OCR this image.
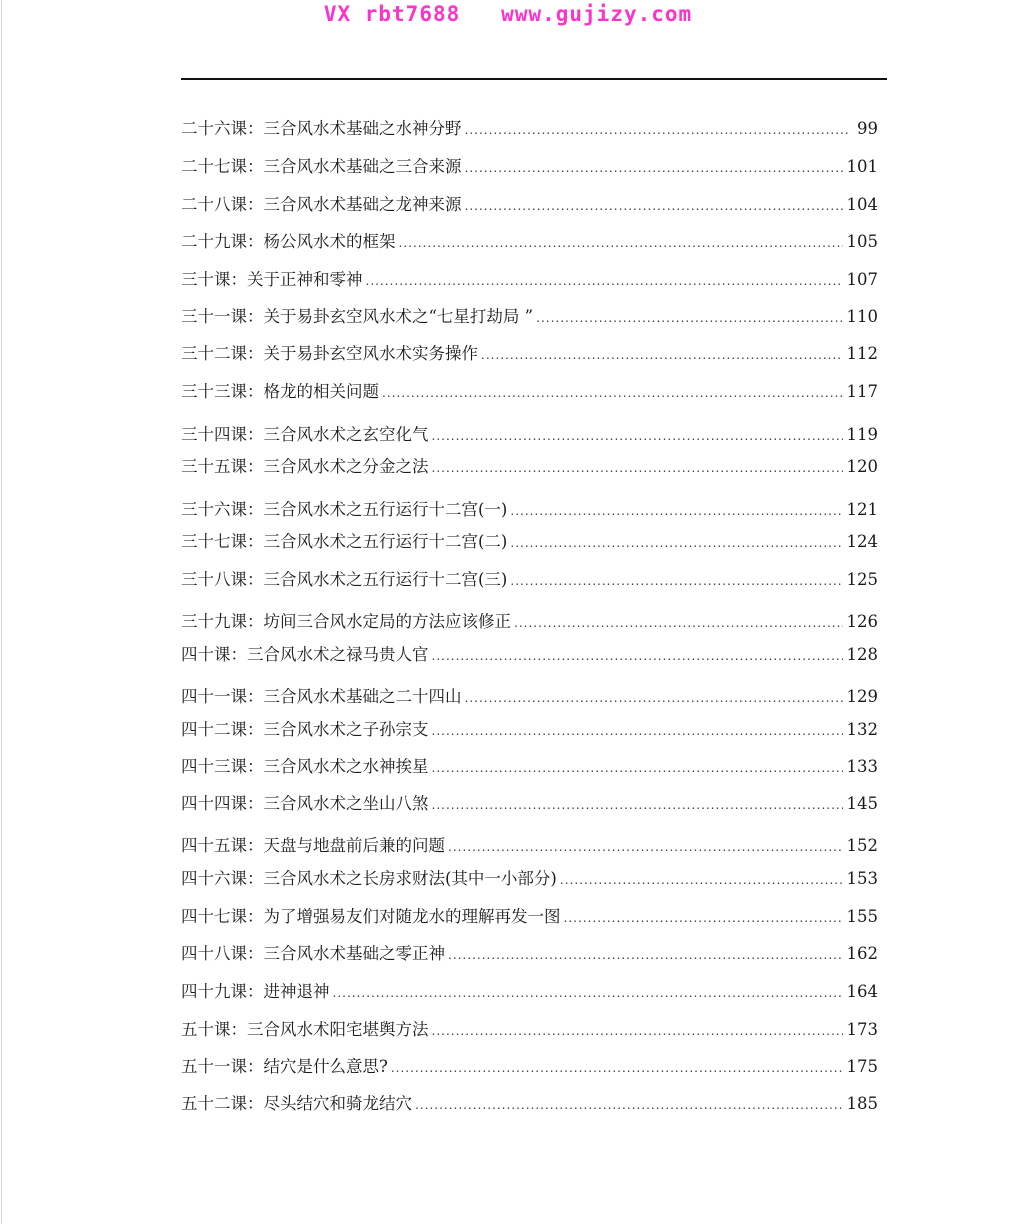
VX rbt7688   www.gujizy.com
二十六课：三合风水术基础之水神分野 .....	99
二十七课：三合风水术基础之三合来源 .....	101
二十八课：三合风水术基础之龙神来源 .....	104
二十九课：杨公风水术的框架 .....	105
三十课：关于正神和零神 .....	107
三十一课：关于易卦玄空风水术之“七星打劫局 ” .....	110
三十二课：关于易卦玄空风水术实务操作 .....	112
三十三课：格龙的相关问题 .....	117
三十四课：三合风水术之玄空化气 .....	119
三十五课：三合风水术之分金之法 .....	120
三十六课：三合风水术之五行运行十二宫(一) .....	121
三十七课：三合风水术之五行运行十二宫(二) .....	124
三十八课：三合风水术之五行运行十二宫(三) .....	125
三十九课：坊间三合风水定局的方法应该修正 .....	126
四十课：三合风水术之禄马贵人官 .....	128
四十一课：三合风水术基础之二十四山 .....	129
四十二课：三合风水术之子孙宗支 .....	132
四十三课：三合风水术之水神挨星 .....	133
四十四课：三合风水术之坐山八煞 .....	145
四十五课：天盘与地盘前后兼的问题 .....	152
四十六课：三合风水术之长房求财法(其中一小部分) .....	153
四十七课：为了增强易友们对随龙水的理解再发一图 .....	155
四十八课：三合风水术基础之零正神 .....	162
四十九课：进神退神 .....	164
五十课：三合风水术阳宅堪舆方法 .....	173
五十一课：结穴是什么意思? .....	175
五十二课：尽头结穴和骑龙结穴 .....	185
